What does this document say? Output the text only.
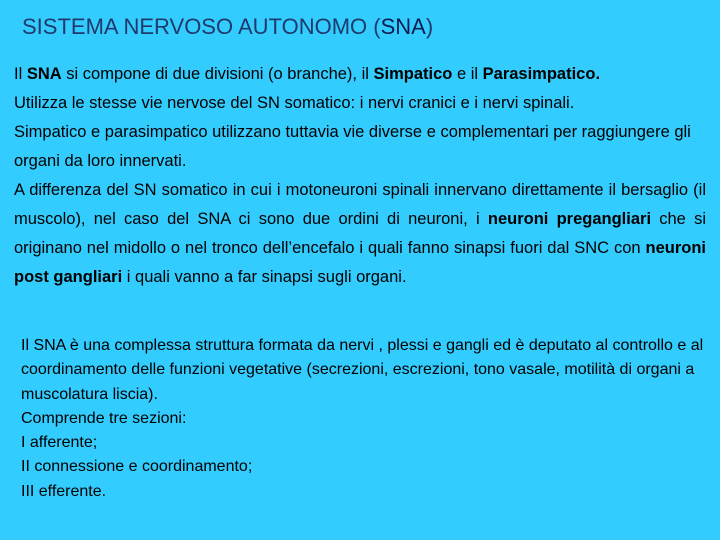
SISTEMA NERVOSO AUTONOMO (SNA)

Il SNA si compone di due divisioni (o branche), il Simpatico e il Parasimpatico.

Utilizza le stesse vie nervose del SN somatico: i nervi cranici e i nervi spinali.

Simpatico e parasimpatico utilizzano tuttavia vie diverse e complementari per raggiungere gli organi da loro innervati.

A differenza del SN somatico in cui i motoneuroni spinali innervano direttamente il bersaglio (il muscolo), nel caso del SNA ci sono due ordini di neuroni, i neuroni pregangliari che si originano nel midollo o nel tronco dell’encefalo i quali fanno sinapsi fuori dal SNC con neuroni post gangliari i quali vanno a far sinapsi sugli organi.

Il SNA è una complessa struttura formata da nervi , plessi e gangli ed è deputato al controllo e al coordinamento delle funzioni vegetative (secrezioni, escrezioni, tono vasale, motilità di organi a muscolatura liscia).

Comprende tre sezioni:

I afferente;

II connessione e coordinamento;

III efferente.
